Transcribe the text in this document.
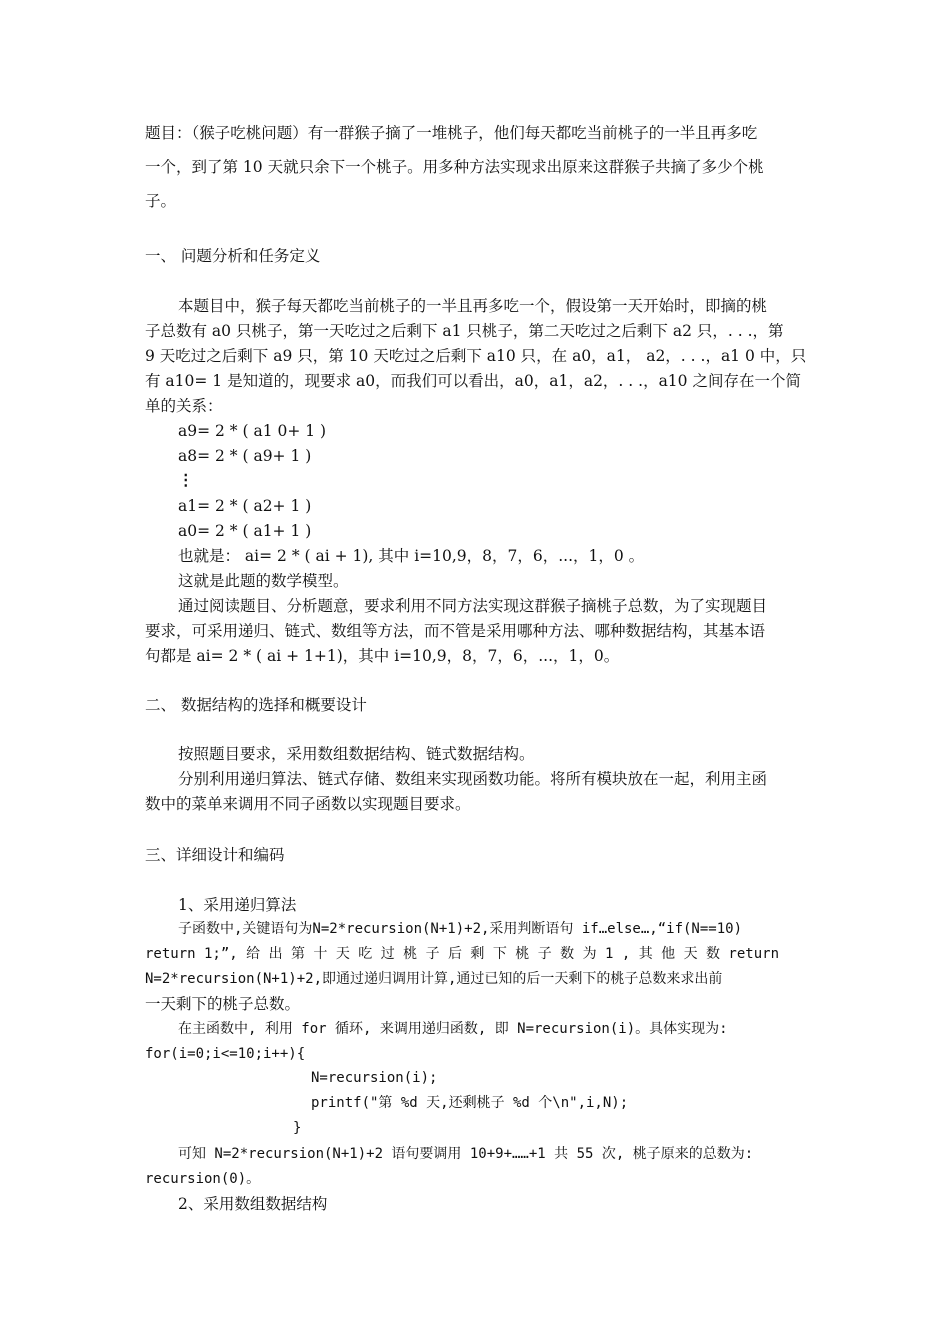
题目：（猴子吃桃问题）有一群猴子摘了一堆桃子，他们每天都吃当前桃子的一半且再多吃
一个，到了第 10 天就只余下一个桃子。用多种方法实现求出原来这群猴子共摘了多少个桃
子。
一、 问题分析和任务定义
本题目中，猴子每天都吃当前桃子的一半且再多吃一个，假设第一天开始时，即摘的桃
子总数有 a0 只桃子，第一天吃过之后剩下 a1 只桃子，第二天吃过之后剩下 a2 只，. . .，第
9 天吃过之后剩下 a9 只，第 10 天吃过之后剩下 a10 只，在 a0，a1， a2，. . .，a1 0 中，只
有 a10= 1 是知道的，现要求 a0，而我们可以看出，a0，a1，a2，. . .，a10 之间存在一个简
单的关系：
a9= 2 * ( a1 0+ 1 )
a8= 2 * ( a9+ 1 )
⋮
a1= 2 * ( a2+ 1 )
a0= 2 * ( a1+ 1 )
也就是： ai= 2 * ( ai + 1), 其中 i=10,9，8，7，6，...，1，0 。
这就是此题的数学模型。
通过阅读题目、分析题意，要求利用不同方法实现这群猴子摘桃子总数，为了实现题目
要求，可采用递归、链式、数组等方法，而不管是采用哪种方法、哪种数据结构，其基本语
句都是 ai= 2 * ( ai + 1+1)，其中 i=10,9，8，7，6，...，1，0。
二、 数据结构的选择和概要设计
按照题目要求，采用数组数据结构、链式数据结构。
分别利用递归算法、链式存储、数组来实现函数功能。将所有模块放在一起，利用主函
数中的菜单来调用不同子函数以实现题目要求。
三、详细设计和编码
1、采用递归算法
子函数中,关键语句为N=2*recursion(N+1)+2,采用判断语句 if…else…,“if(N==10)
return 1;”, 给 出 第 十 天 吃 过 桃 子 后 剩 下 桃 子 数 为 1 , 其 他 天 数 return
N=2*recursion(N+1)+2,即通过递归调用计算,通过已知的后一天剩下的桃子总数来求出前
一天剩下的桃子总数。
在主函数中, 利用 for 循环, 来调用递归函数, 即 N=recursion(i)。具体实现为:
for(i=0;i<=10;i++){
N=recursion(i);
printf("第 %d 天,还剩桃子 %d 个\n",i,N);
}
可知 N=2*recursion(N+1)+2 语句要调用 10+9+……+1 共 55 次, 桃子原来的总数为:
recursion(0)。
2、采用数组数据结构
